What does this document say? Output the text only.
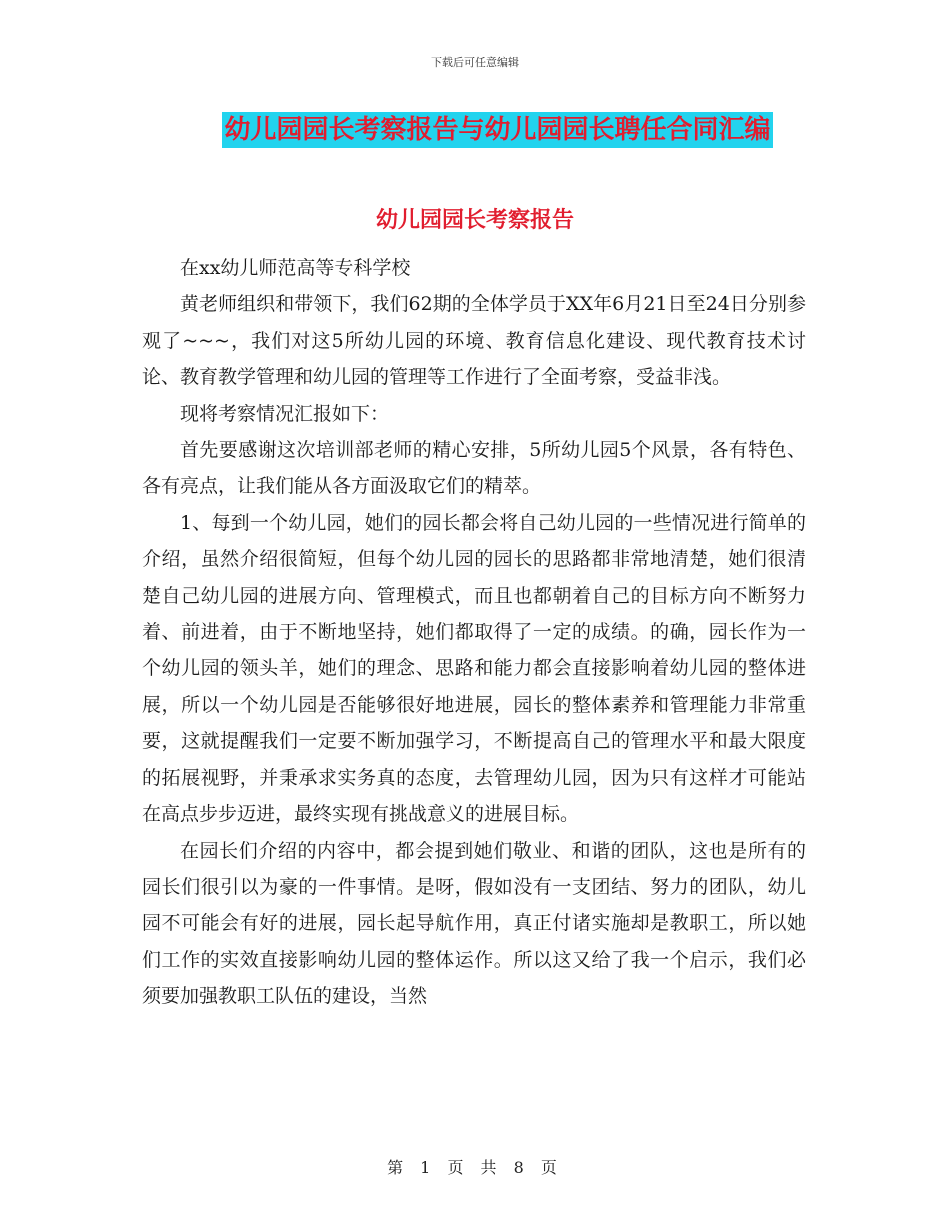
下载后可任意编辑
幼儿园园长考察报告与幼儿园园长聘任合同汇编
幼儿园园长考察报告

在xx幼儿师范高等专科学校

黄老师组织和带领下，我们62期的全体学员于XX年6月21日至24日分别参观了~~~，我们对这5所幼儿园的环境、教育信息化建设、现代教育技术讨论、教育教学管理和幼儿园的管理等工作进行了全面考察，受益非浅。

现将考察情况汇报如下：

首先要感谢这次培训部老师的精心安排，5所幼儿园5个风景，各有特色、各有亮点，让我们能从各方面汲取它们的精萃。

1、每到一个幼儿园，她们的园长都会将自己幼儿园的一些情况进行简单的介绍，虽然介绍很简短，但每个幼儿园的园长的思路都非常地清楚，她们很清楚自己幼儿园的进展方向、管理模式，而且也都朝着自己的目标方向不断努力着、前进着，由于不断地坚持，她们都取得了一定的成绩。的确，园长作为一个幼儿园的领头羊，她们的理念、思路和能力都会直接影响着幼儿园的整体进展，所以一个幼儿园是否能够很好地进展，园长的整体素养和管理能力非常重要，这就提醒我们一定要不断加强学习，不断提高自己的管理水平和最大限度的拓展视野，并秉承求实务真的态度，去管理幼儿园，因为只有这样才可能站在高点步步迈进，最终实现有挑战意义的进展目标。

在园长们介绍的内容中，都会提到她们敬业、和谐的团队，这也是所有的园长们很引以为豪的一件事情。是呀，假如没有一支团结、努力的团队，幼儿园不可能会有好的进展，园长起导航作用，真正付诸实施却是教职工，所以她们工作的实效直接影响幼儿园的整体运作。所以这又给了我一个启示，我们必须要加强教职工队伍的建设，当然

第 1 页 共 8 页
